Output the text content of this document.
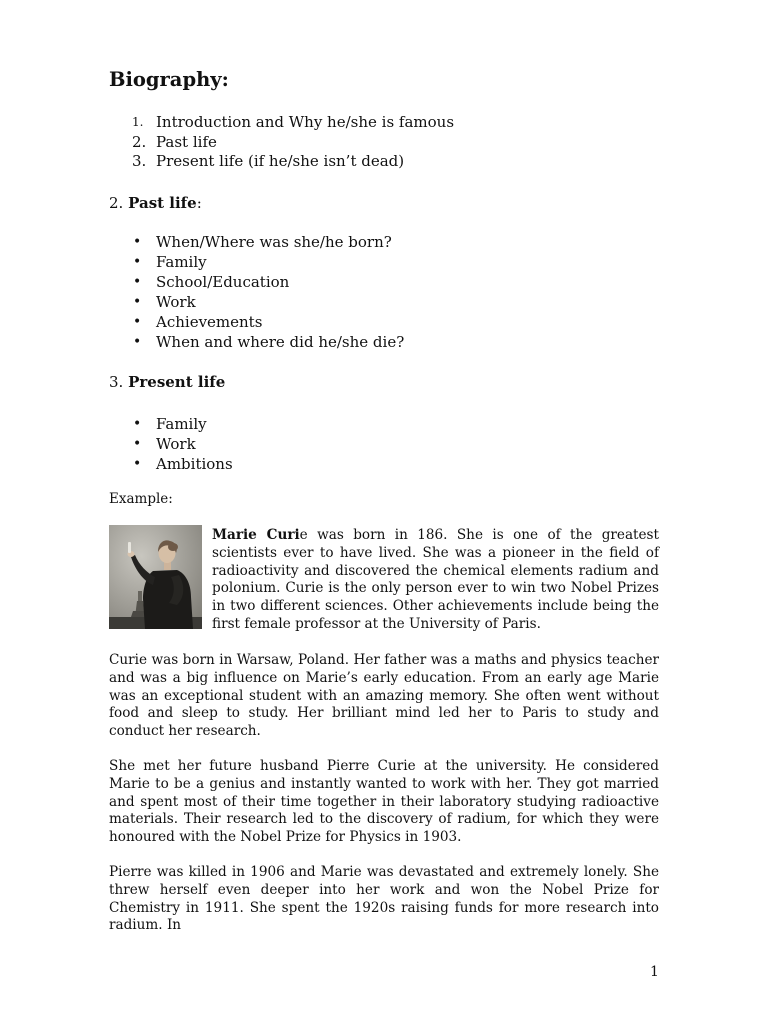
Biography:
1. Introduction and Why he/she is famous
2. Past life
3. Present life (if he/she isn’t dead)

2. Past life:

• When/Where was she/he born?
• Family
• School/Education
• Work
• Achievements
• When and where did he/she die?

3. Present life

• Family
• Work
• Ambitions

Example:

Marie Curie was born in 186. She is one of the greatest scientists ever to have lived. She was a pioneer in the field of radioactivity and discovered the chemical elements radium and polonium. Curie is the only person ever to win two Nobel Prizes in two different sciences. Other achievements include being the first female professor at the University of Paris.

Curie was born in Warsaw, Poland. Her father was a maths and physics teacher and was a big influence on Marie’s early education. From an early age Marie was an exceptional student with an amazing memory. She often went without food and sleep to study. Her brilliant mind led her to Paris to study and conduct her research.

She met her future husband Pierre Curie at the university. He considered Marie to be a genius and instantly wanted to work with her. They got married and spent most of their time together in their laboratory studying radioactive materials. Their research led to the discovery of radium, for which they were honoured with the Nobel Prize for Physics in 1903.

Pierre was killed in 1906 and Marie was devastated and extremely lonely. She threw herself even deeper into her work and won the Nobel Prize for Chemistry in 1911. She spent the 1920s raising funds for more research into radium. In

1
